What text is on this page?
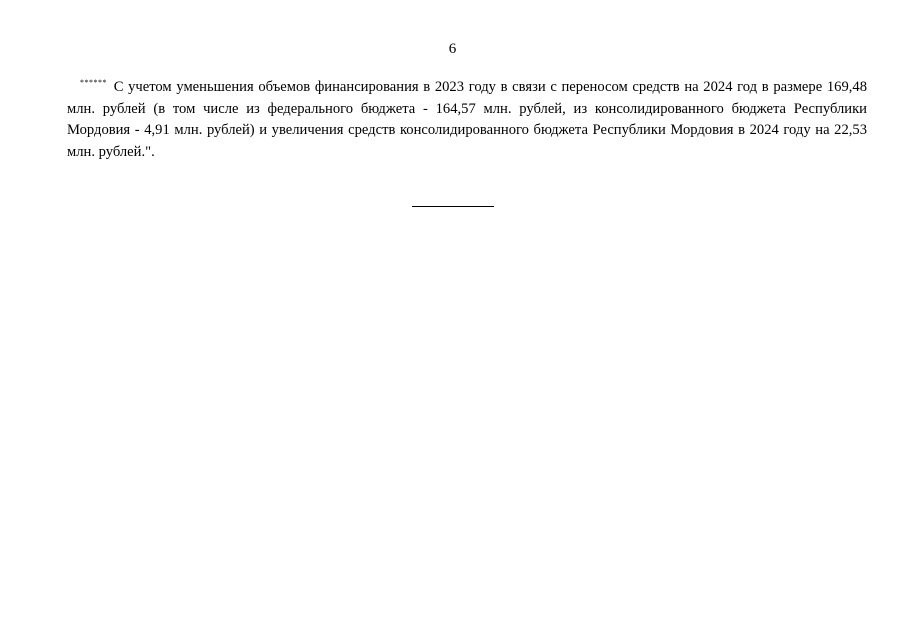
6

****** С учетом уменьшения объемов финансирования в 2023 году в связи с переносом средств на 2024 год в размере 169,48 млн. рублей (в том числе из федерального бюджета - 164,57 млн. рублей, из консолидированного бюджета Республики Мордовия - 4,91 млн. рублей) и увеличения средств консолидированного бюджета Республики Мордовия в 2024 году на 22,53 млн. рублей.".
